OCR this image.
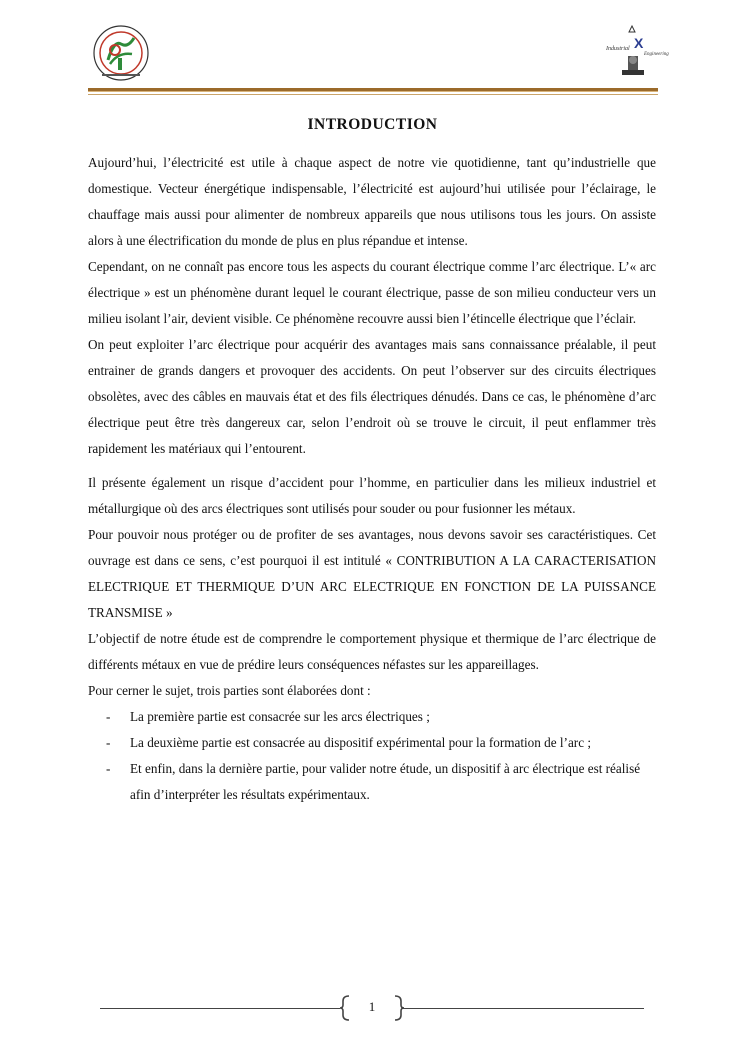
Industrial X
Engineering
INTRODUCTION

Aujourd’hui, l’électricité est utile à chaque aspect de notre vie quotidienne, tant qu’industrielle que domestique. Vecteur énergétique indispensable, l’électricité est aujourd’hui utilisée pour l’éclairage, le chauffage mais aussi pour alimenter de nombreux appareils que nous utilisons tous les jours. On assiste alors à une électrification du monde de plus en plus répandue et intense.

Cependant, on ne connaît pas encore tous les aspects du courant électrique comme l’arc électrique. L’« arc électrique » est un phénomène durant lequel le courant électrique, passe de son milieu conducteur vers un milieu isolant l’air, devient visible. Ce phénomène recouvre aussi bien l’étincelle électrique que l’éclair.

On peut exploiter l’arc électrique pour acquérir des avantages mais sans connaissance préalable, il peut entrainer de grands dangers et provoquer des accidents. On peut l’observer sur des circuits électriques obsolètes, avec des câbles en mauvais état et des fils électriques dénudés. Dans ce cas, le phénomène d’arc électrique peut être très dangereux car, selon l’endroit où se trouve le circuit, il peut enflammer très rapidement les matériaux qui l’entourent.

Il présente également un risque d’accident pour l’homme, en particulier dans les milieux industriel et métallurgique où des arcs électriques sont utilisés pour souder ou pour fusionner les métaux.

Pour pouvoir nous protéger ou de profiter de ses avantages, nous devons savoir ses caractéristiques. Cet ouvrage est dans ce sens, c’est pourquoi il est intitulé « CONTRIBUTION A LA CARACTERISATION ELECTRIQUE ET THERMIQUE D’UN ARC ELECTRIQUE EN FONCTION DE LA PUISSANCE TRANSMISE »

L’objectif de notre étude est de comprendre le comportement physique et thermique de l’arc électrique de différents métaux en vue de prédire leurs conséquences néfastes sur les appareillages.

Pour cerner le sujet, trois parties sont élaborées dont :

- La première partie est consacrée sur les arcs électriques ;
- La deuxième partie est consacrée au dispositif expérimental pour la formation de l’arc ;
- Et enfin, dans la dernière partie, pour valider notre étude, un dispositif à arc électrique est réalisé afin d’interpréter les résultats expérimentaux.
1
